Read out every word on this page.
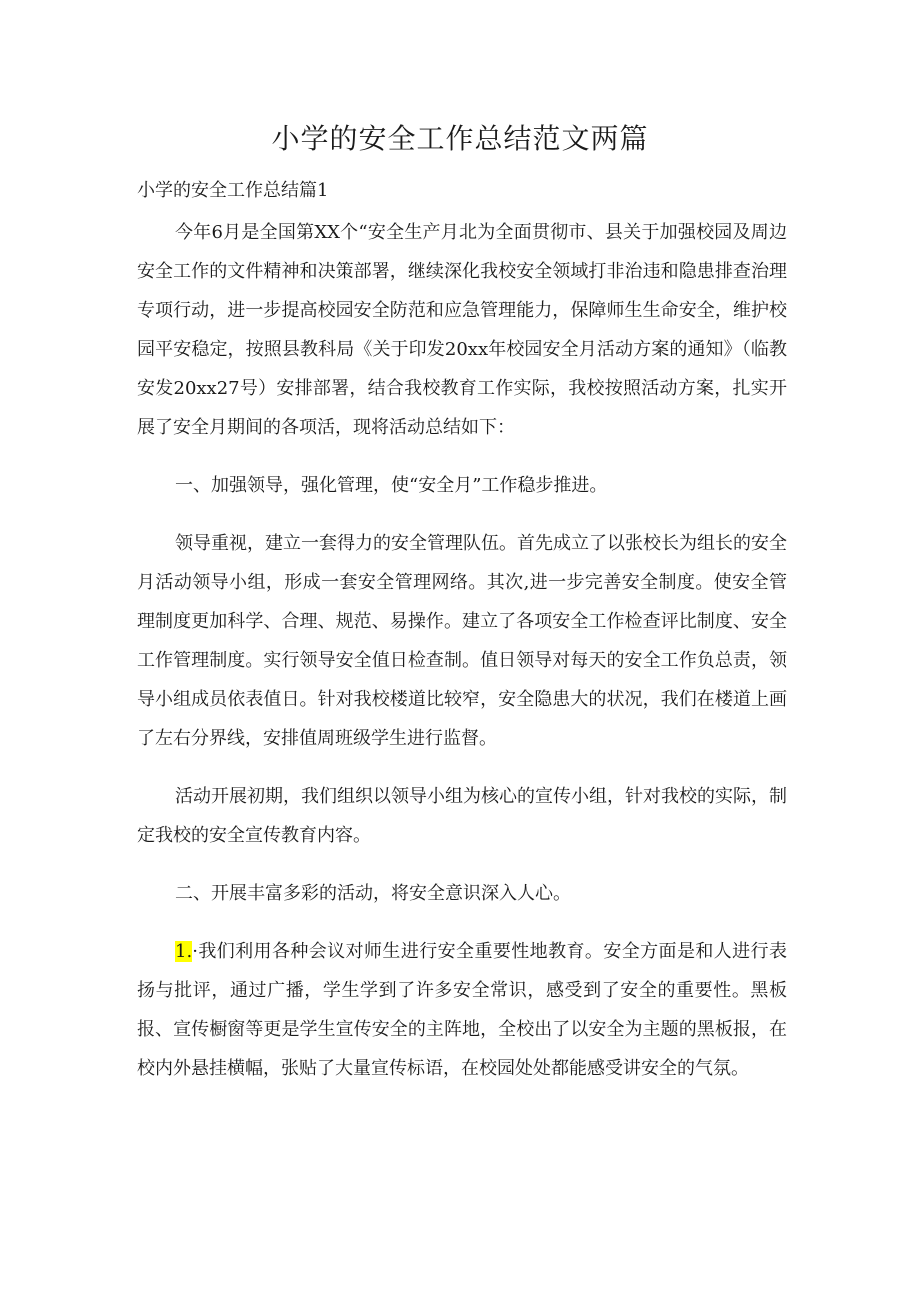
小学的安全工作总结范文两篇
小学的安全工作总结篇1

今年6月是全国第XX个“安全生产月北为全面贯彻市、县关于加强校园及周边安全工作的文件精神和决策部署，继续深化我校安全领域打非治违和隐患排查治理专项行动，进一步提高校园安全防范和应急管理能力，保障师生生命安全，维护校园平安稳定，按照县教科局《关于印发20xx年校园安全月活动方案的通知》（临教安发20xx27号）安排部署，结合我校教育工作实际，我校按照活动方案，扎实开展了安全月期间的各项活，现将活动总结如下：

一、加强领导，强化管理，使“安全月”工作稳步推进。

领导重视，建立一套得力的安全管理队伍。首先成立了以张校长为组长的安全月活动领导小组，形成一套安全管理网络。其次,进一步完善安全制度。使安全管理制度更加科学、合理、规范、易操作。建立了各项安全工作检查评比制度、安全工作管理制度。实行领导安全值日检查制。值日领导对每天的安全工作负总责，领导小组成员依表值日。针对我校楼道比较窄，安全隐患大的状况，我们在楼道上画了左右分界线，安排值周班级学生进行监督。

活动开展初期，我们组织以领导小组为核心的宣传小组，针对我校的实际，制定我校的安全宣传教育内容。

二、开展丰富多彩的活动，将安全意识深入人心。

1.·我们利用各种会议对师生进行安全重要性地教育。安全方面是和人进行表扬与批评，通过广播，学生学到了许多安全常识，感受到了安全的重要性。黑板报、宣传橱窗等更是学生宣传安全的主阵地，全校出了以安全为主题的黑板报，在校内外悬挂横幅，张贴了大量宣传标语，在校园处处都能感受讲安全的气氛。
